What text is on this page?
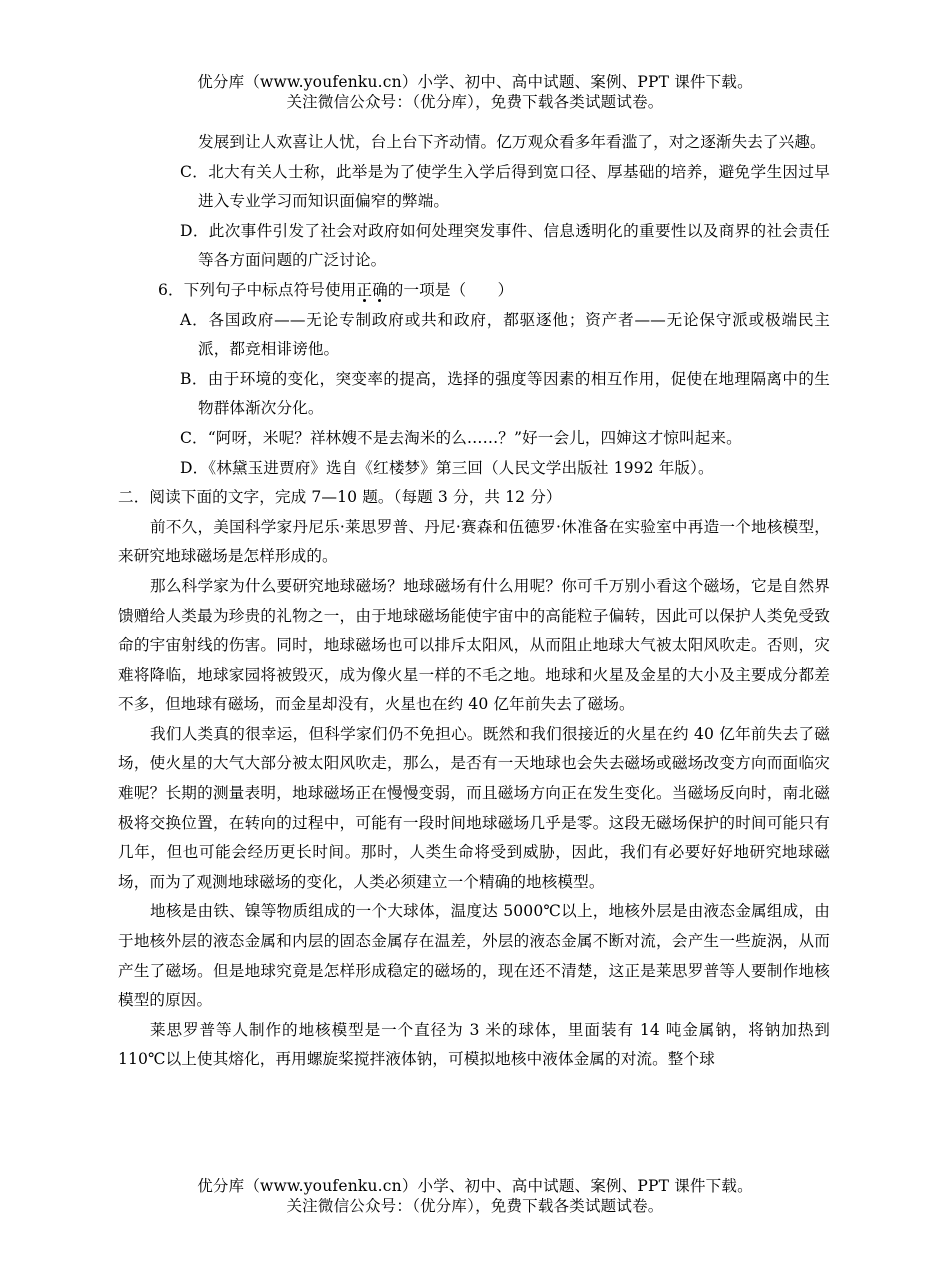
优分库（www.youfenku.cn）小学、初中、高中试题、案例、PPT 课件下载。
关注微信公众号：（优分库），免费下载各类试题试卷。

发展到让人欢喜让人忧，台上台下齐动情。亿万观众看多年看滥了，对之逐渐失去了兴趣。

C．北大有关人士称，此举是为了使学生入学后得到宽口径、厚基础的培养，避免学生因过早进入专业学习而知识面偏窄的弊端。

D．此次事件引发了社会对政府如何处理突发事件、信息透明化的重要性以及商界的社会责任等各方面问题的广泛讨论。

6．下列句子中标点符号使用正确的一项是（　　）

A．各国政府——无论专制政府或共和政府，都驱逐他；资产者——无论保守派或极端民主派，都竞相诽谤他。

B．由于环境的变化，突变率的提高，选择的强度等因素的相互作用，促使在地理隔离中的生物群体渐次分化。

C．“阿呀，米呢？祥林嫂不是去淘米的么……？”好一会儿，四婶这才惊叫起来。

D．《林黛玉进贾府》选自《红楼梦》第三回（人民文学出版社 1992 年版）。

二．阅读下面的文字，完成 7—10 题。（每题 3 分，共 12 分）

前不久，美国科学家丹尼乐·莱思罗普、丹尼·赛森和伍德罗·休准备在实验室中再造一个地核模型，来研究地球磁场是怎样形成的。

那么科学家为什么要研究地球磁场？地球磁场有什么用呢？你可千万别小看这个磁场，它是自然界馈赠给人类最为珍贵的礼物之一，由于地球磁场能使宇宙中的高能粒子偏转，因此可以保护人类免受致命的宇宙射线的伤害。同时，地球磁场也可以排斥太阳风，从而阻止地球大气被太阳风吹走。否则，灾难将降临，地球家园将被毁灭，成为像火星一样的不毛之地。地球和火星及金星的大小及主要成分都差不多，但地球有磁场，而金星却没有，火星也在约 40 亿年前失去了磁场。

我们人类真的很幸运，但科学家们仍不免担心。既然和我们很接近的火星在约 40 亿年前失去了磁场，使火星的大气大部分被太阳风吹走，那么，是否有一天地球也会失去磁场或磁场改变方向而面临灾难呢？长期的测量表明，地球磁场正在慢慢变弱，而且磁场方向正在发生变化。当磁场反向时，南北磁极将交换位置，在转向的过程中，可能有一段时间地球磁场几乎是零。这段无磁场保护的时间可能只有几年，但也可能会经历更长时间。那时，人类生命将受到威胁，因此，我们有必要好好地研究地球磁场，而为了观测地球磁场的变化，人类必须建立一个精确的地核模型。

地核是由铁、镍等物质组成的一个大球体，温度达 5000℃以上，地核外层是由液态金属组成，由于地核外层的液态金属和内层的固态金属存在温差，外层的液态金属不断对流，会产生一些旋涡，从而产生了磁场。但是地球究竟是怎样形成稳定的磁场的，现在还不清楚，这正是莱思罗普等人要制作地核模型的原因。

莱思罗普等人制作的地核模型是一个直径为 3 米的球体，里面装有 14 吨金属钠，将钠加热到 110℃以上使其熔化，再用螺旋桨搅拌液体钠，可模拟地核中液体金属的对流。整个球

优分库（www.youfenku.cn）小学、初中、高中试题、案例、PPT 课件下载。
关注微信公众号：（优分库），免费下载各类试题试卷。
